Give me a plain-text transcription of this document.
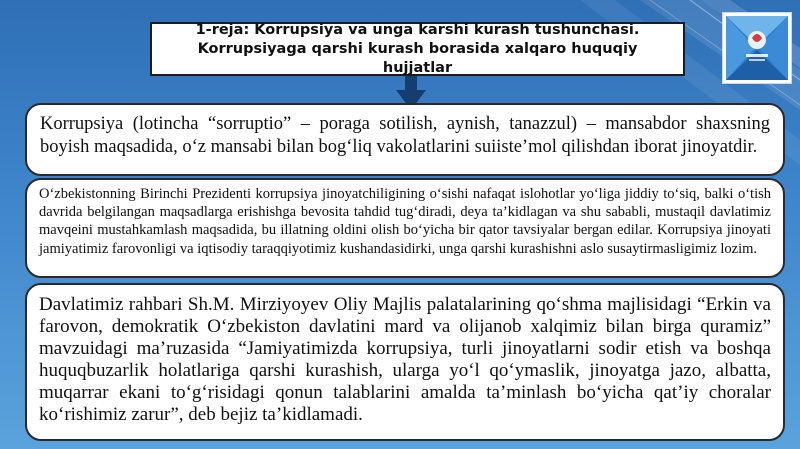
1-reja: Korrupsiya va unga karshi kurash tushunchasi. Korrupsiyaga qarshi kurash borasida xalqaro huquqiy hujjatlar

Korrupsiya (lotincha “sorruptio” – poraga sotilish, aynish, tanazzul) – mansabdor shaxsning boyish maqsadida, o‘z mansabi bilan bog‘liq vakolatlarini suiiste’mol qilishdan iborat jinoyatdir.

O‘zbekistonning Birinchi Prezidenti korrupsiya jinoyatchiligining o‘sishi nafaqat islohotlar yo‘liga jiddiy to‘siq, balki o‘tish davrida belgilangan maqsadlarga erishishga bevosita tahdid tug‘diradi, deya ta’kidlagan va shu sababli, mustaqil davlatimiz mavqeini mustahkamlash maqsadida, bu illatning oldini olish bo‘yicha bir qator tavsiyalar bergan edilar. Korrupsiya jinoyati jamiyatimiz farovonligi va iqtisodiy taraqqiyotimiz kushandasidirki, unga qarshi kurashishni aslo susaytirmasligimiz lozim.

Davlatimiz rahbari Sh.M. Mirziyoyev Oliy Majlis palatalarining qo‘shma majlisidagi “Erkin va farovon, demokratik O‘zbekiston davlatini mard va olijanob xalqimiz bilan birga quramiz” mavzuidagi ma’ruzasida “Jamiyatimizda korrupsiya, turli jinoyatlarni sodir etish va boshqa huquqbuzarlik holatlariga qarshi kurashish, ularga yo‘l qo‘ymaslik, jinoyatga jazo, albatta, muqarrar ekani to‘g‘risidagi qonun talablarini amalda ta’minlash bo‘yicha qat’iy choralar ko‘rishimiz zarur”, deb bejiz ta’kidlamadi.
